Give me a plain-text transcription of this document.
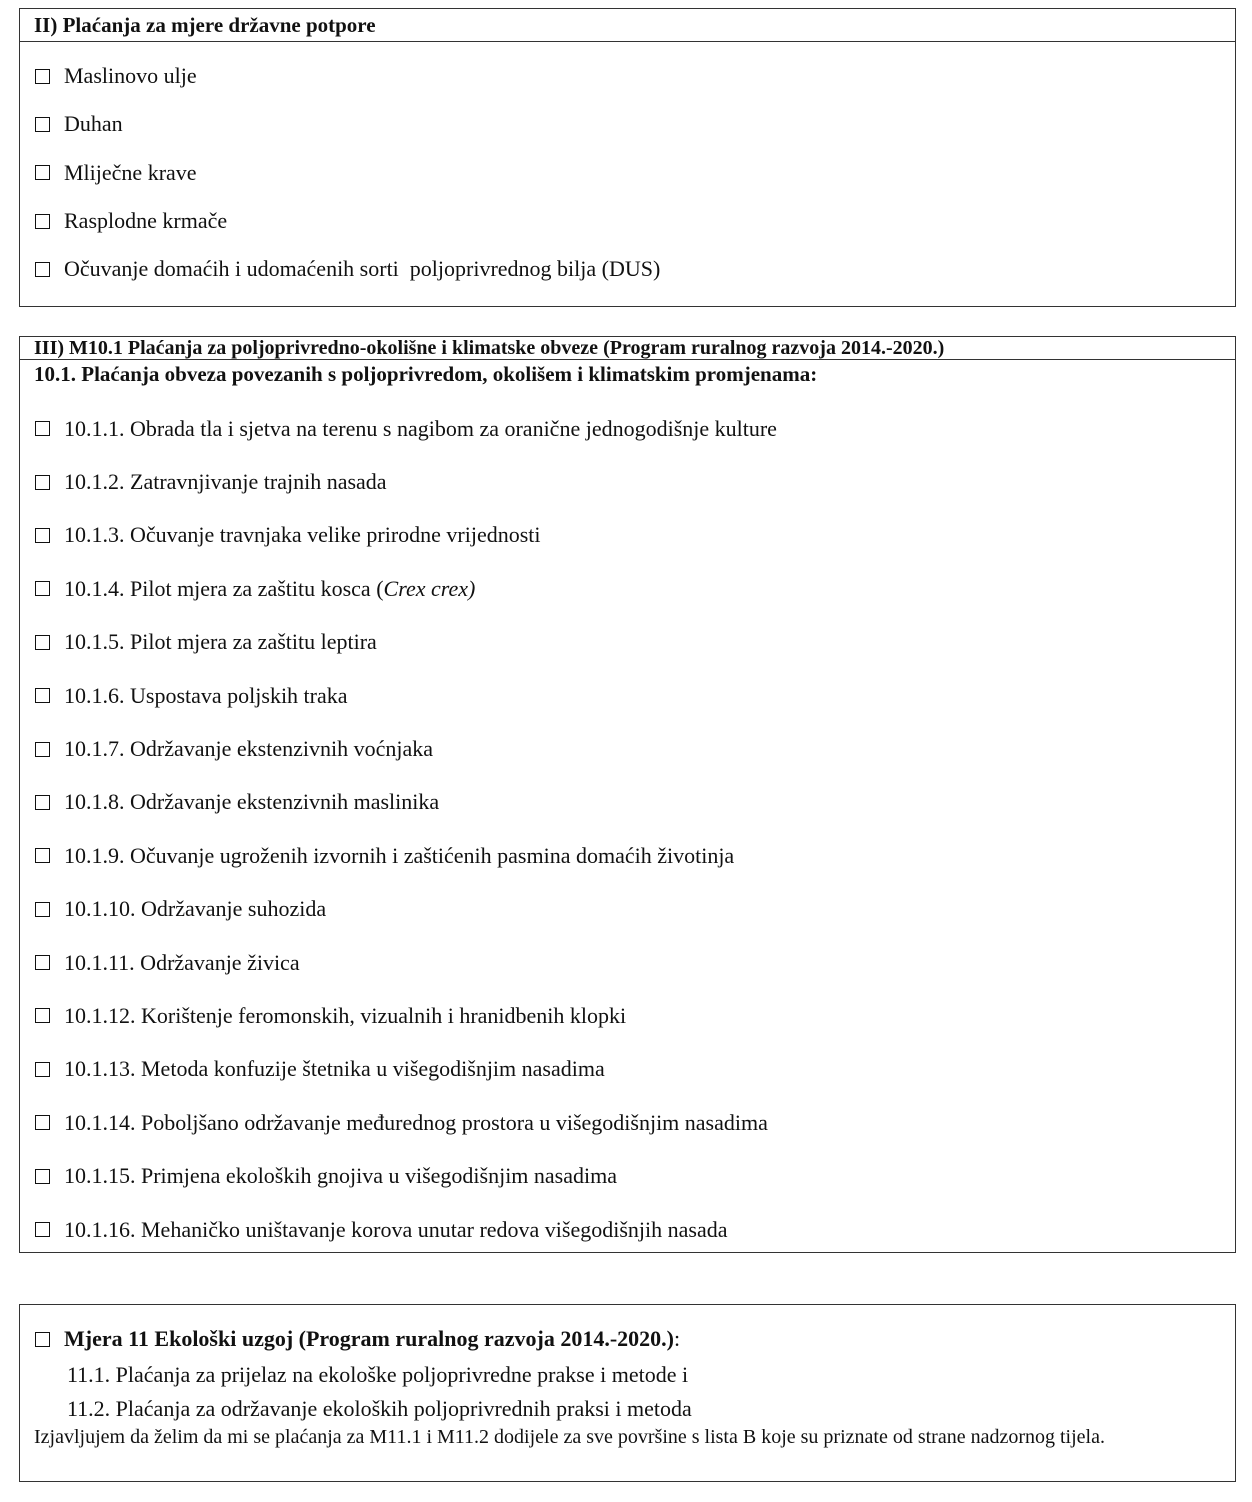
II) Plaćanja za mjere državne potpore
Maslinovo ulje
Duhan
Mliječne krave
Rasplodne krmače
Očuvanje domaćih i udomaćenih sorti  poljoprivrednog bilja (DUS)
III) M10.1 Plaćanja za poljoprivredno-okolišne i klimatske obveze (Program ruralnog razvoja 2014.-2020.)
10.1. Plaćanja obveza povezanih s poljoprivredom, okolišem i klimatskim promjenama:
10.1.1. Obrada tla i sjetva na terenu s nagibom za oranične jednogodišnje kulture
10.1.2. Zatravnjivanje trajnih nasada
10.1.3. Očuvanje travnjaka velike prirodne vrijednosti
10.1.4. Pilot mjera za zaštitu kosca ( Crex crex)
10.1.5. Pilot mjera za zaštitu leptira
10.1.6. Uspostava poljskih traka
10.1.7. Održavanje ekstenzivnih voćnjaka
10.1.8. Održavanje ekstenzivnih maslinika
10.1.9. Očuvanje ugroženih izvornih i zaštićenih pasmina domaćih životinja
10.1.10. Održavanje suhozida
10.1.11. Održavanje živica
10.1.12. Korištenje feromonskih, vizualnih i hranidbenih klopki
10.1.13. Metoda konfuzije štetnika u višegodišnjim nasadima
10.1.14. Poboljšano održavanje međurednog prostora u višegodišnjim nasadima
10.1.15. Primjena ekoloških gnojiva u višegodišnjim nasadima
10.1.16. Mehaničko uništavanje korova unutar redova višegodišnjih nasada
Mjera 11 Ekološki uzgoj (Program ruralnog razvoja 2014.-2020.) :
11.1. Plaćanja za prijelaz na ekološke poljoprivredne prakse i metode i
11.2. Plaćanja za održavanje ekoloških poljoprivrednih praksi i metoda
Izjavljujem da želim da mi se plaćanja za M11.1 i M11.2 dodijele za sve površine s lista B koje su priznate od strane nadzornog tijela.
